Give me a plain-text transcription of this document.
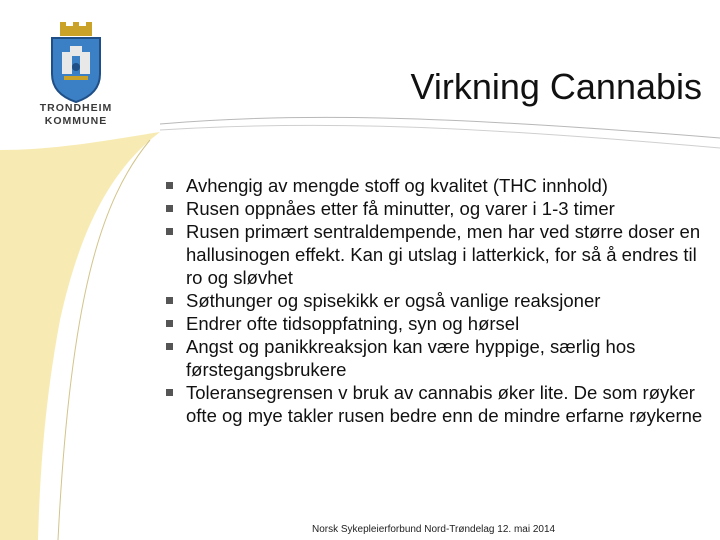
TRONDHEIM
KOMMUNE
Virkning Cannabis
Avhengig av mengde stoff og kvalitet (THC innhold)
Rusen oppnåes etter få minutter, og varer i 1-3 timer
Rusen primært sentraldempende, men har ved større doser en hallusinogen effekt. Kan gi utslag i latterkick, for så å endres til ro og sløvhet
Søthunger og spisekikk er også vanlige reaksjoner
Endrer ofte tidsoppfatning, syn og hørsel
Angst og panikkreaksjon kan være hyppige, særlig hos førstegangsbrukere
Toleransegrensen v bruk av cannabis øker lite. De som røyker ofte og mye takler rusen bedre enn de mindre erfarne røykerne
Norsk Sykepleierforbund Nord-Trøndelag 12. mai 2014
